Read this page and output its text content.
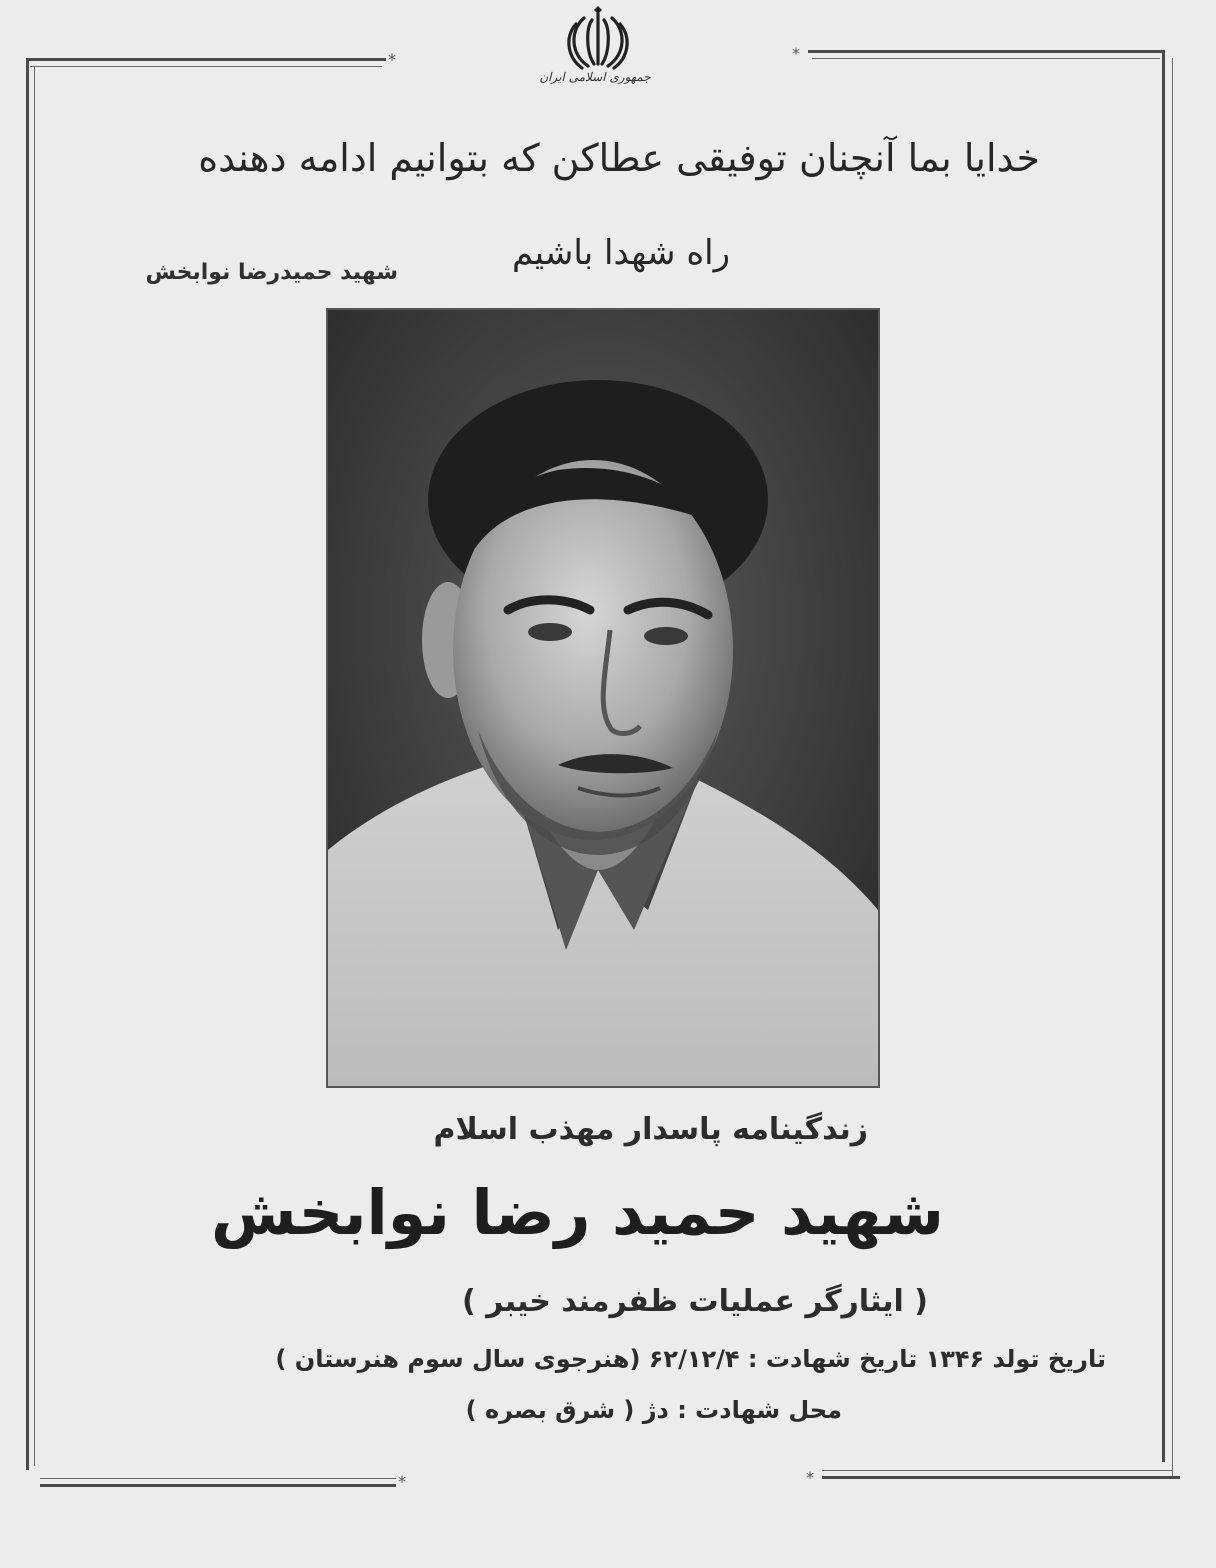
*	*
*	*
جمهوری اسلامی ایران
خدایا بما آنچنان توفیقی عطاکن که بتوانیم ادامه دهنده
راه شهدا باشیم
شهید حمیدرضا نوابخش
زندگینامه پاسدار مهذب اسلام
شهید حمید رضا نوابخش
( ایثارگر عملیات ظفرمند خیبر )
تاریخ تولد ۱۳۴۶ تاریخ شهادت : ۶۲/۱۲/۴ (هنرجوی سال سوم هنرستان )
محل شهادت : دژ ( شرق بصره )
